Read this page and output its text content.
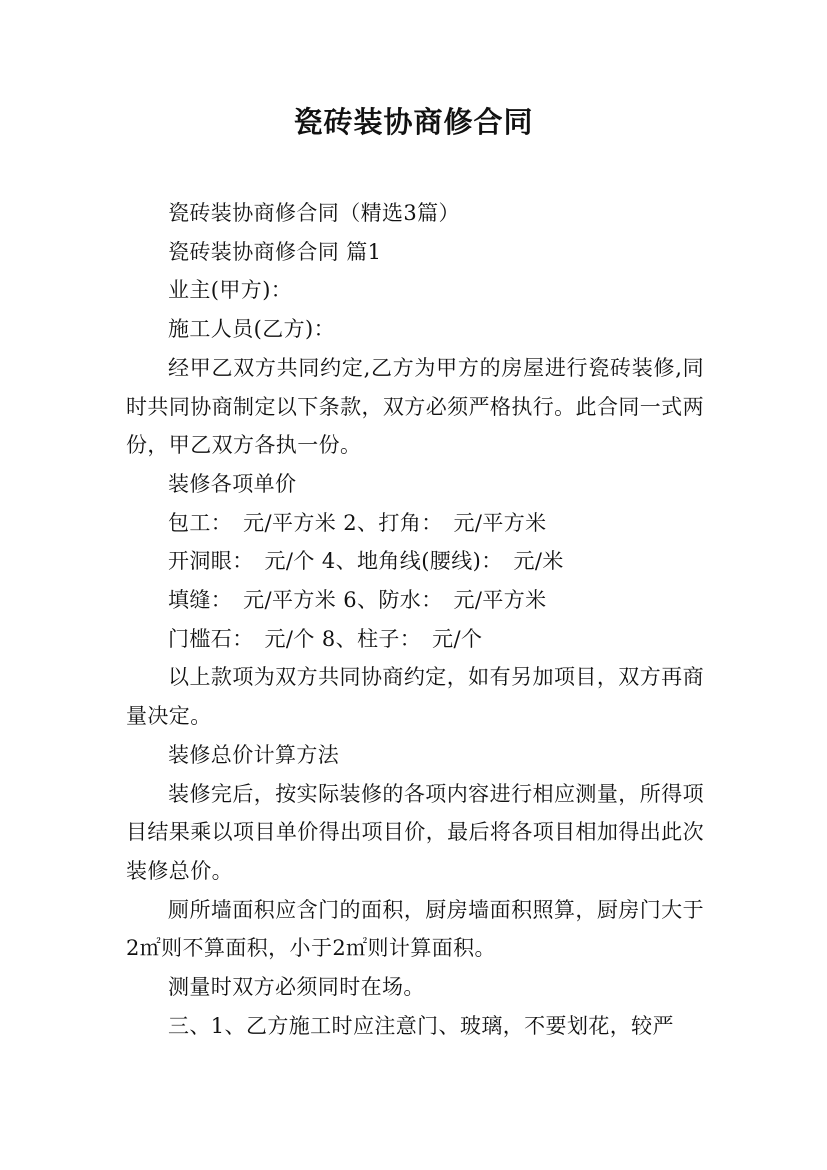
瓷砖装协商修合同

瓷砖装协商修合同（精选3篇）

瓷砖装协商修合同 篇1

业主(甲方)：

施工人员(乙方)：

经甲乙双方共同约定,乙方为甲方的房屋进行瓷砖装修,同时共同协商制定以下条款，双方必须严格执行。此合同一式两份，甲乙双方各执一份。

装修各项单价

包工：　元/平方米 2、打角：　元/平方米

开洞眼：　元/个 4、地角线(腰线)：　元/米

填缝：　元/平方米 6、防水：　元/平方米

门槛石：　元/个 8、柱子：　元/个

以上款项为双方共同协商约定，如有另加项目，双方再商量决定。

装修总价计算方法

装修完后，按实际装修的各项内容进行相应测量，所得项目结果乘以项目单价得出项目价，最后将各项目相加得出此次装修总价。

厕所墙面积应含门的面积，厨房墙面积照算，厨房门大于2㎡则不算面积，小于2㎡则计算面积。

测量时双方必须同时在场。

三、1、乙方施工时应注意门、玻璃，不要划花，较严
